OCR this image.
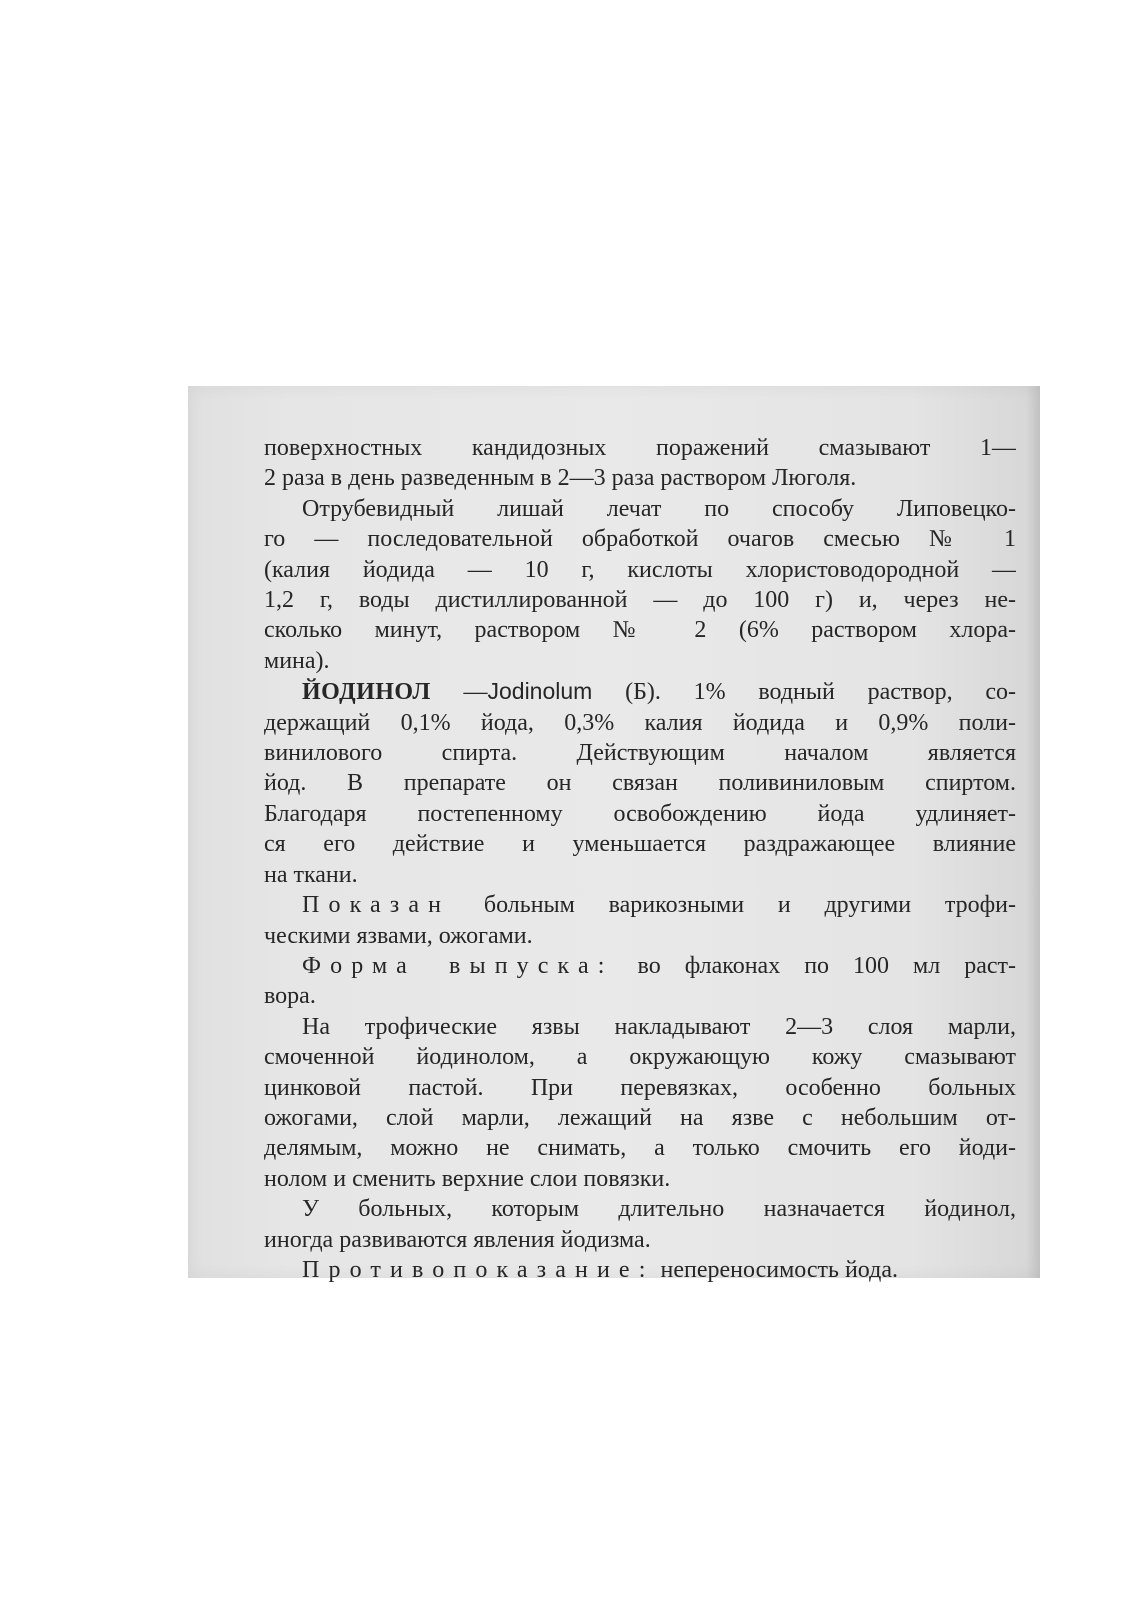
поверхностных кандидозных поражений смазывают 1—
2 раза в день разведенным в 2—3 раза раствором Люголя.
Отрубевидный лишай лечат по способу Липовецко-
го — последовательной обработкой очагов смесью № 1
(калия йодида — 10 г, кислоты хлористоводородной —
1,2 г, воды дистиллированной — до 100 г) и, через не-
сколько минут, раствором № 2 (6% раствором хлора-
мина).
ЙОДИНОЛ —Jodinolum (Б). 1% водный раствор, со-
держащий 0,1% йода, 0,3% калия йодида и 0,9% поли-
винилового спирта. Действующим началом является
йод. В препарате он связан поливиниловым спиртом.
Благодаря постепенному освобождению йода удлиняет-
ся его действие и уменьшается раздражающее влияние
на ткани.
Показан больным варикозными и другими трофи-
ческими язвами, ожогами.
Форма выпуска: во флаконах по 100 мл раст-
вора.
На трофические язвы накладывают 2—3 слоя марли,
смоченной йодинолом, а окружающую кожу смазывают
цинковой пастой. При перевязках, особенно больных
ожогами, слой марли, лежащий на язве с небольшим от-
делямым, можно не снимать, а только смочить его йоди-
нолом и сменить верхние слои повязки.
У больных, которым длительно назначается йодинол,
иногда развиваются явления йодизма.
Противопоказание: непереносимость йода.
